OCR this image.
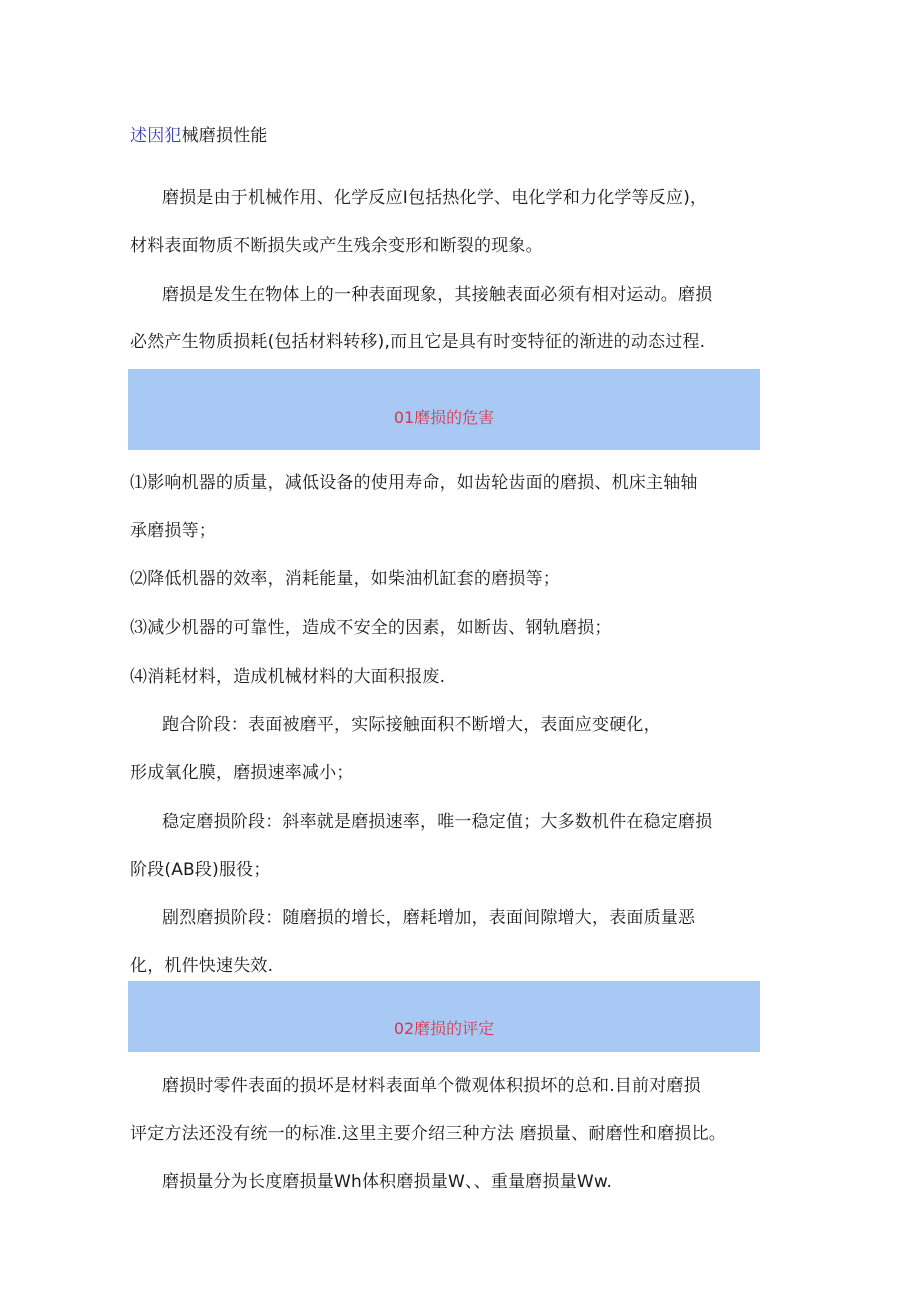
述因犯械磨损性能
磨损是由于机械作用、化学反应I包括热化学、电化学和力化学等反应)，
材料表面物质不断损失或产生残余变形和断裂的现象。
磨损是发生在物体上的一种表面现象，其接触表面必须有相对运动。磨损
必然产生物质损耗(包括材料转移),而且它是具有时变特征的渐进的动态过程.
01磨损的危害
⑴影响机器的质量，减低设备的使用寿命，如齿轮齿面的磨损、机床主轴轴
承磨损等；
⑵降低机器的效率，消耗能量，如柴油机缸套的磨损等；
⑶减少机器的可靠性，造成不安全的因素，如断齿、钢轨磨损；
⑷消耗材料，造成机械材料的大面积报废.
跑合阶段：表面被磨平，实际接触面积不断增大，表面应变硬化，
形成氧化膜，磨损速率减小；
稳定磨损阶段：斜率就是磨损速率，唯一稳定值；大多数机件在稳定磨损
阶段(AB段)服役；
剧烈磨损阶段：随磨损的增长，磨耗增加，表面间隙增大，表面质量恶
化，机件快速失效.
02磨损的评定
磨损时零件表面的损坏是材料表面单个微观体积损坏的总和.目前对磨损
评定方法还没有统一的标准.这里主要介绍三种方法 磨损量、耐磨性和磨损比。
磨损量分为长度磨损量Wh体积磨损量W、、重量磨损量Ww.
